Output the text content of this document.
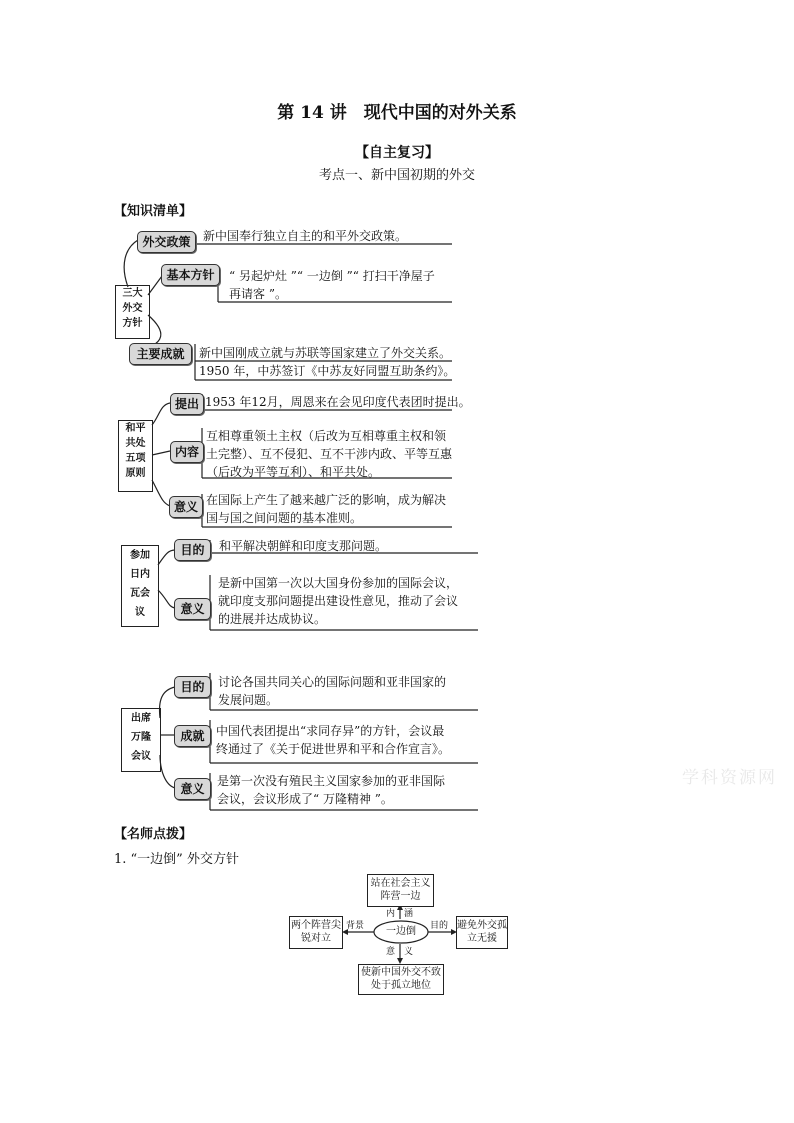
第 14 讲　现代中国的对外关系
【自主复习】
考点一、新中国初期的外交
【知识清单】
三大
外交
方针
外交政策	新中国奉行独立自主的和平外交政策。
基本方针	“ 另起炉灶 ”“ 一边倒 ”“ 打扫干净屋子
再请客 ”。
主要成就	新中国刚成立就与苏联等国家建立了外交关系。
1950 年，中苏签订《中苏友好同盟互助条约》。
和平
共处
五项
原则
提出 1953 年12月，周恩来在会见印度代表团时提出。
内容
互相尊重领土主权（后改为互相尊重主权和领
土完整）、互不侵犯、互不干涉内政、平等互惠
（后改为平等互利）、和平共处。
意义 在国际上产生了越来越广泛的影响，成为解决
国与国之间问题的基本准则。
参加
日内
瓦会
议
目的	和平解决朝鲜和印度支那问题。
意义
是新中国第一次以大国身份参加的国际会议，
就印度支那问题提出建设性意见，推动了会议
的进展并达成协议。
出席
万隆
会议
目的	讨论各国共同关心的国际问题和亚非国家的
发展问题。
成就 中国代表团提出“求同存异”的方针，会议最
终通过了《关于促进世界和平和合作宣言》。
意义
是第一次没有殖民主义国家参加的亚非国际
会议，会议形成了“ 万隆精神 ”。
学科资源网
【名师点拨】
1. “一边倒” 外交方针
站在社会主义阵营一边
两个阵营尖锐对立
避免外交孤立无援
使新中国外交不致处于孤立地位
一边倒
内　涵
背景	目的
意　义
